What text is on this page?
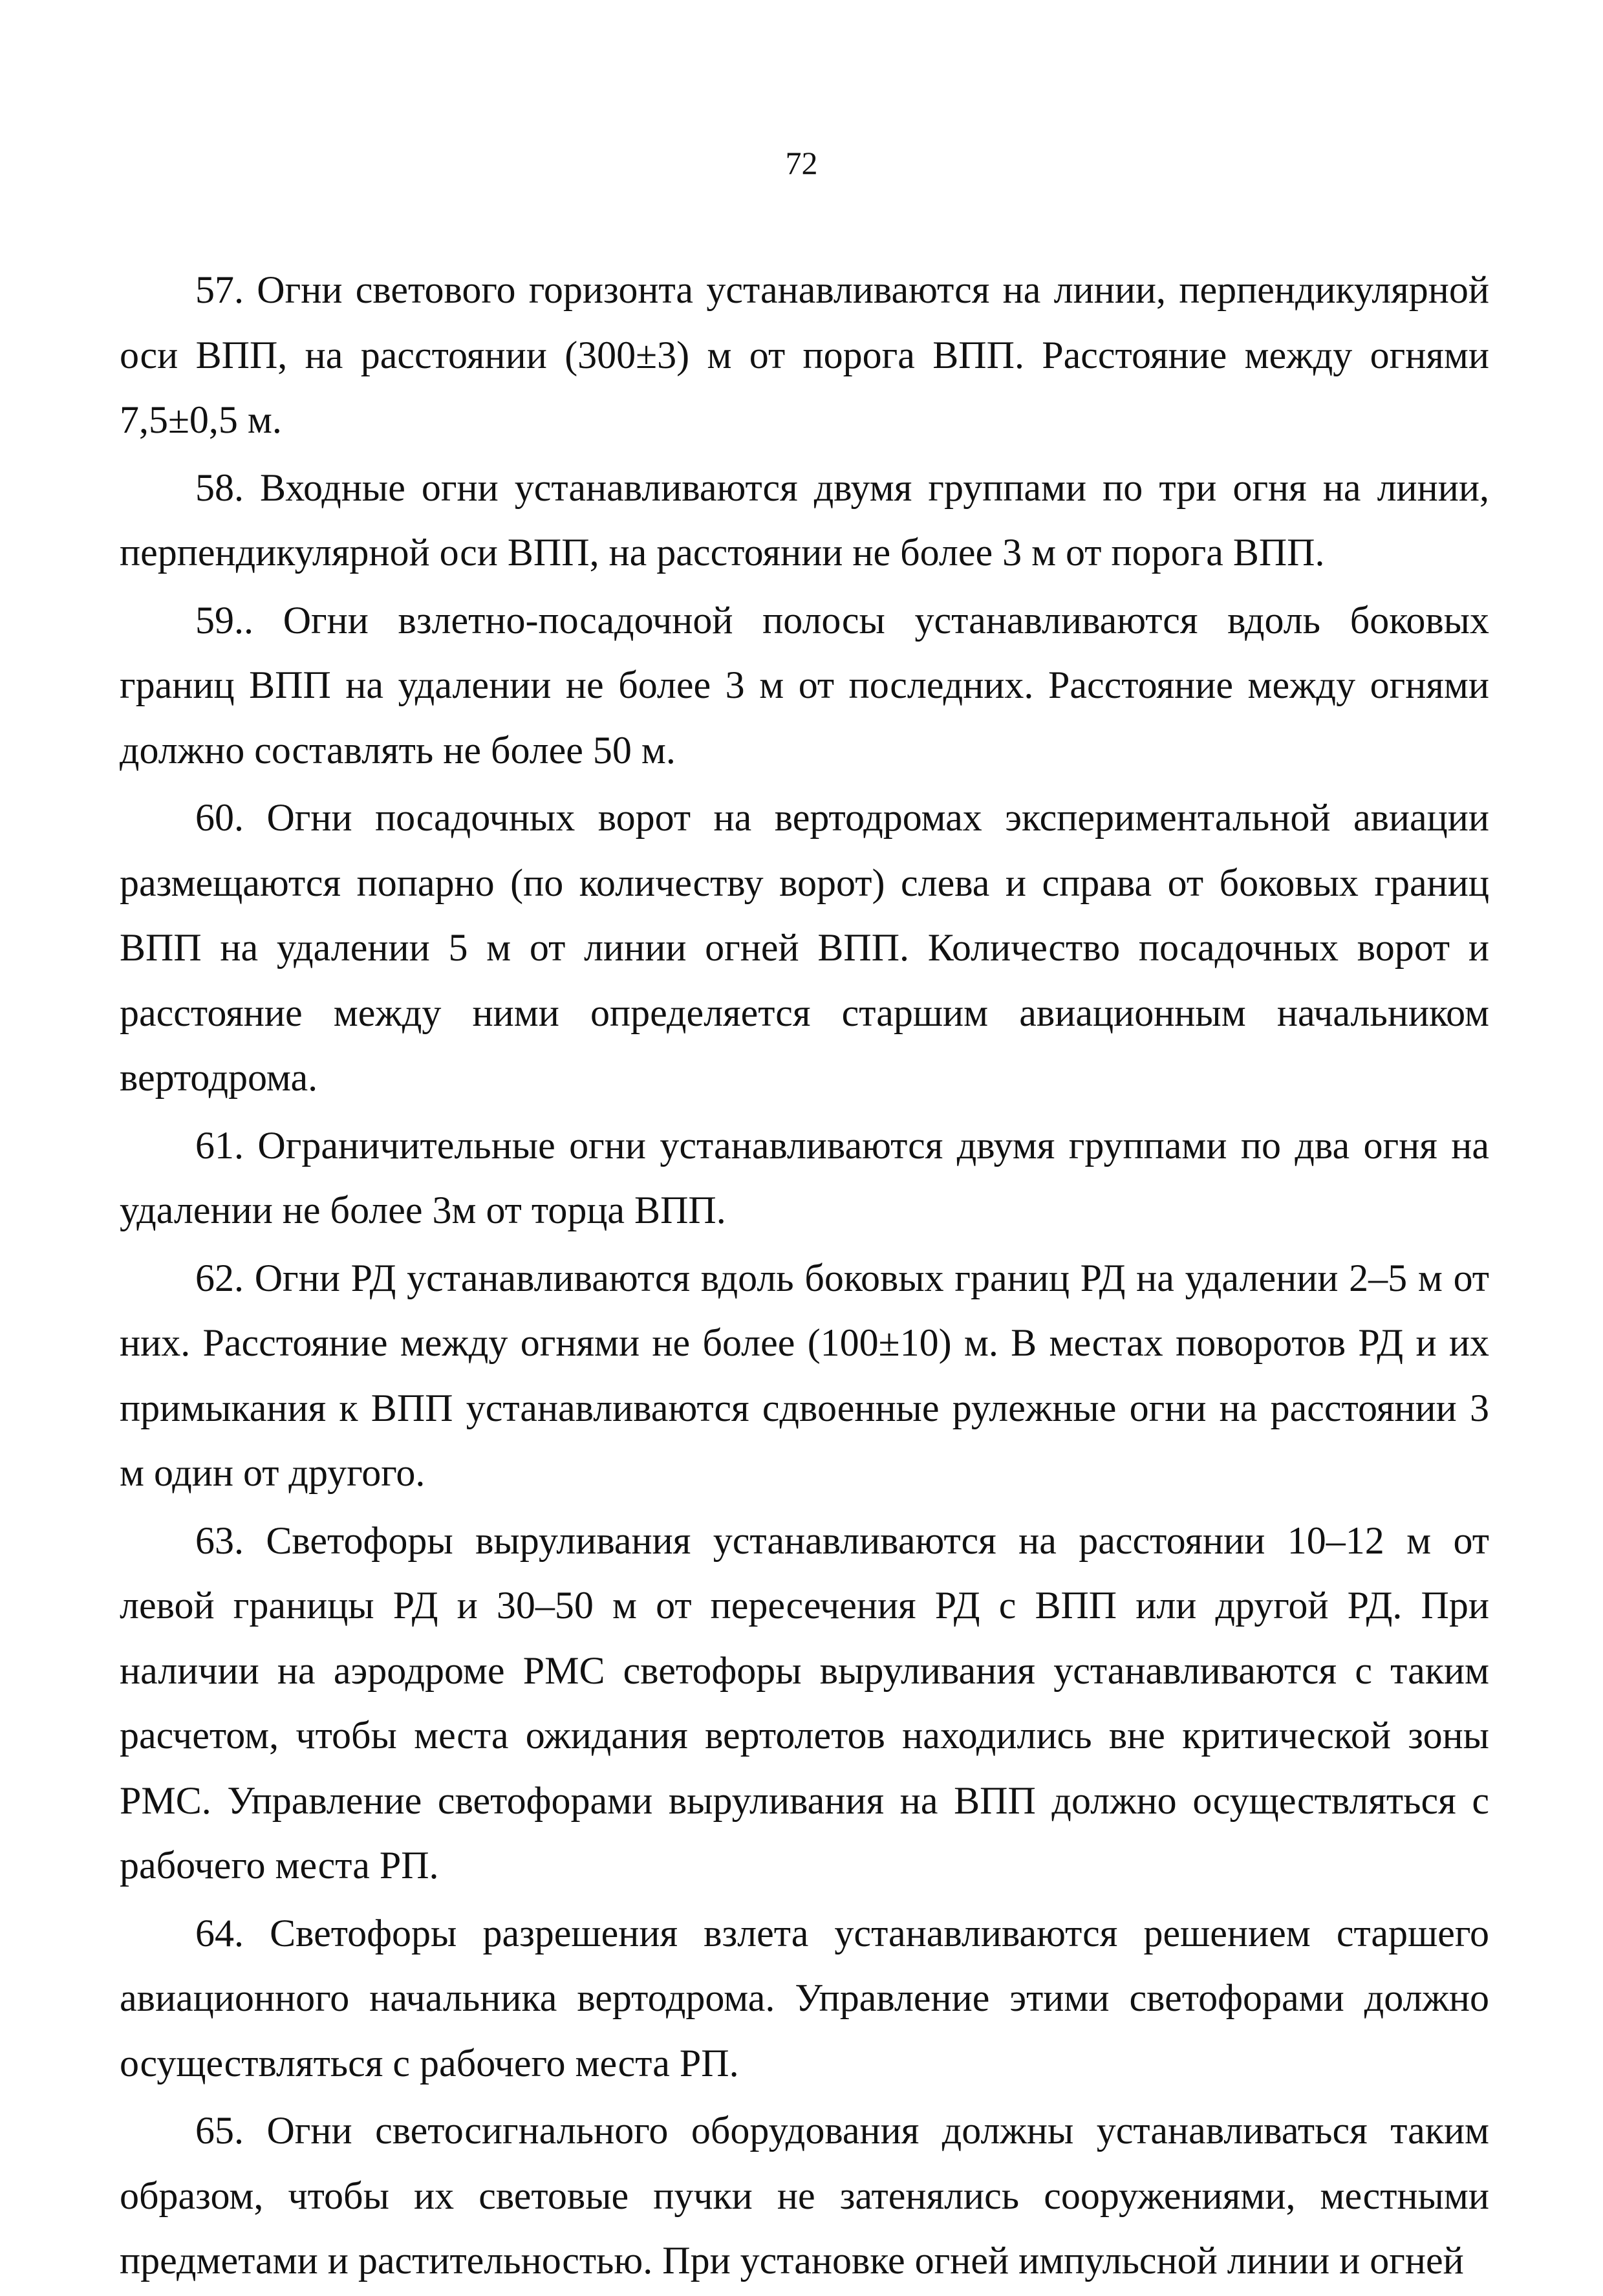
72

57. Огни светового горизонта устанавливаются на линии, перпендикулярной оси ВПП, на расстоянии (300±3) м от порога ВПП. Расстояние между огнями 7,5±0,5 м.

58. Входные огни устанавливаются двумя группами по три огня на линии, перпендикулярной оси ВПП, на расстоянии не более 3 м от порога ВПП.

59.. Огни взлетно-посадочной полосы устанавливаются вдоль боковых границ ВПП на удалении не более 3 м от последних. Расстояние между огнями должно составлять не более 50 м.

60. Огни посадочных ворот на вертодромах экспериментальной авиации размещаются попарно (по количеству ворот) слева и справа от боковых границ ВПП на удалении 5 м от линии огней ВПП. Количество посадочных ворот и расстояние между ними определяется старшим авиационным начальником вертодрома.

61. Ограничительные огни устанавливаются двумя группами по два огня на удалении не более 3м от торца ВПП.

62. Огни РД устанавливаются вдоль боковых границ РД на удалении 2–5 м от них. Расстояние между огнями не более (100±10) м. В местах поворотов РД и их примыкания к ВПП устанавливаются сдвоенные рулежные огни на расстоянии 3 м один от другого.

63. Светофоры выруливания устанавливаются на расстоянии 10–12 м от левой границы РД и 30–50 м от пересечения РД с ВПП или другой РД. При наличии на аэродроме РМС светофоры выруливания устанавливаются с таким расчетом, чтобы места ожидания вертолетов находились вне критической зоны РМС. Управление светофорами выруливания на ВПП должно осуществляться с рабочего места РП.

64. Светофоры разрешения взлета устанавливаются решением старшего авиационного начальника вертодрома. Управление этими светофорами должно осуществляться с рабочего места РП.

65. Огни светосигнального оборудования должны устанавливаться таким образом, чтобы их световые пучки не затенялись сооружениями, местными предметами и растительностью. При установке огней импульсной линии и огней
